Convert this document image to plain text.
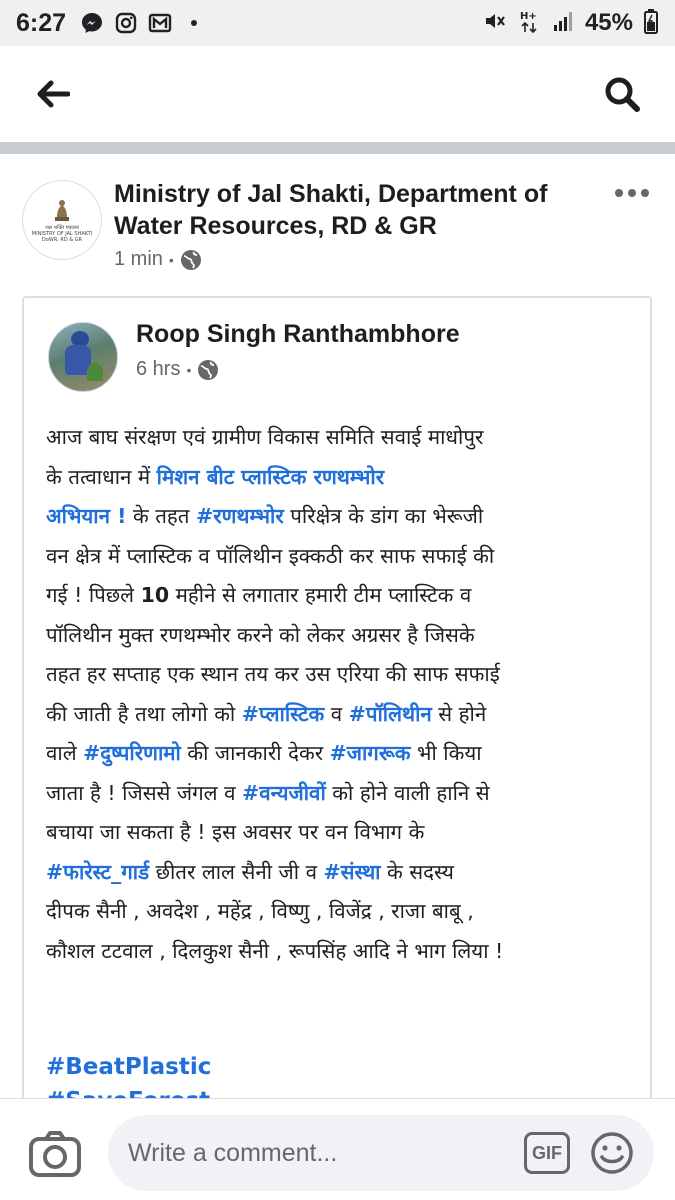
6:27	H+ 45%
जल शक्ति मंत्रालय
MINISTRY OF JAL SHAKTI
DoWR, RD & GR
Ministry of Jal Shakti, Department of
Water Resources, RD & GR
1 min •
Roop Singh Ranthambhore
6 hrs •
आज बाघ संरक्षण एवं ग्रामीण विकास समिति सवाई माधोपुर
के तत्वाधान में मिशन बीट प्लास्टिक रणथम्भोर
अभियान ! के तहत #रणथम्भोर परिक्षेत्र के डांग का भेरूजी
वन क्षेत्र में प्लास्टिक व पॉलिथीन इक्कठी कर साफ सफाई की
गई ! पिछले 10 महीने से लगातार हमारी टीम प्लास्टिक व
पॉलिथीन मुक्त रणथम्भोर करने को लेकर अग्रसर है जिसके
तहत हर सप्ताह एक स्थान तय कर उस एरिया की साफ सफाई
की जाती है तथा लोगो को #प्लास्टिक व #पॉलिथीन से होने
वाले #दुष्परिणामो की जानकारी देकर #जागरूक भी किया
जाता है ! जिससे जंगल व #वन्यजीवों को होने वाली हानि से
बचाया जा सकता है ! इस अवसर पर वन विभाग के
#फारेस्ट_गार्ड छीतर लाल सैनी जी व #संस्था के सदस्य
दीपक सैनी , अवदेश , महेंद्र , विष्णु , विजेंद्र , राजा बाबू ,
कौशल टटवाल , दिलकुश सैनी , रूपसिंह आदि ने भाग लिया !
#BeatPlastic
Write a comment...	GIF
